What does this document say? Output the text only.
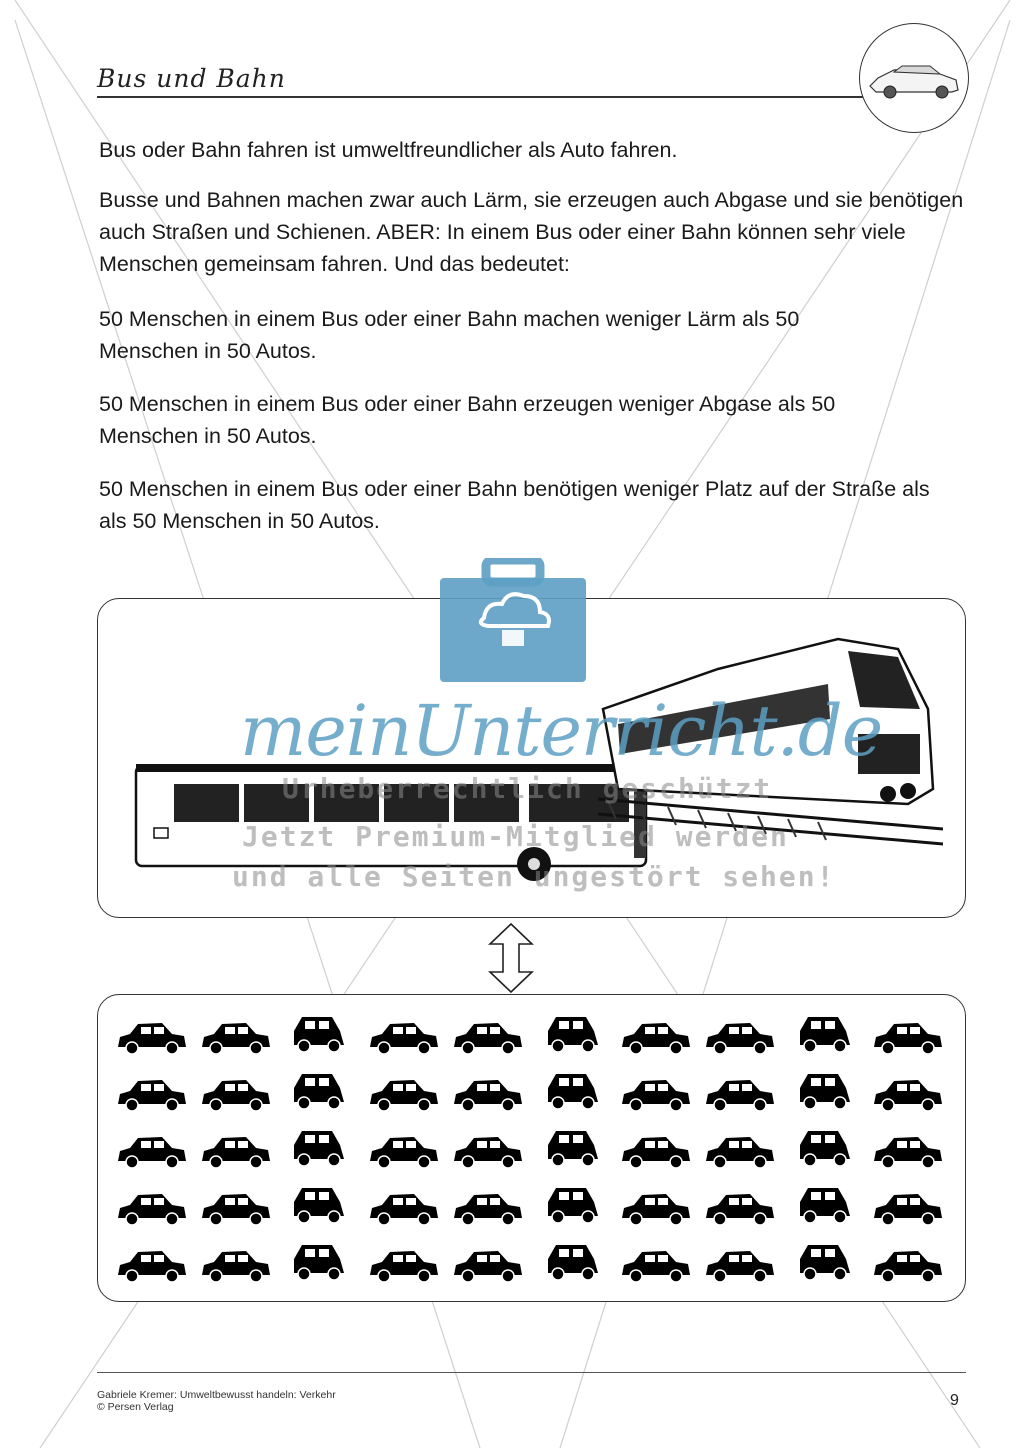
Bus und Bahn

Bus oder Bahn fahren ist umweltfreundlicher als Auto fahren.

Busse und Bahnen machen zwar auch Lärm, sie erzeugen auch Abgase und sie benötigen auch Straßen und Schienen. ABER: In einem Bus oder einer Bahn können sehr viele Menschen gemeinsam fahren. Und das bedeutet:

50 Menschen in einem Bus oder einer Bahn machen weniger Lärm als 50 Menschen in 50 Autos.

50 Menschen in einem Bus oder einer Bahn erzeugen weniger Abgase als 50 Menschen in 50 Autos.

50 Menschen in einem Bus oder einer Bahn benötigen weniger Platz auf der Straße als als 50 Menschen in 50 Autos.

meinUnterricht.de
Urheberrechtlich geschützt
Jetzt Premium-Mitglied werden
und alle Seiten ungestört sehen!
Gabriele Kremer: Umweltbewusst handeln: Verkehr
© Persen Verlag	9
